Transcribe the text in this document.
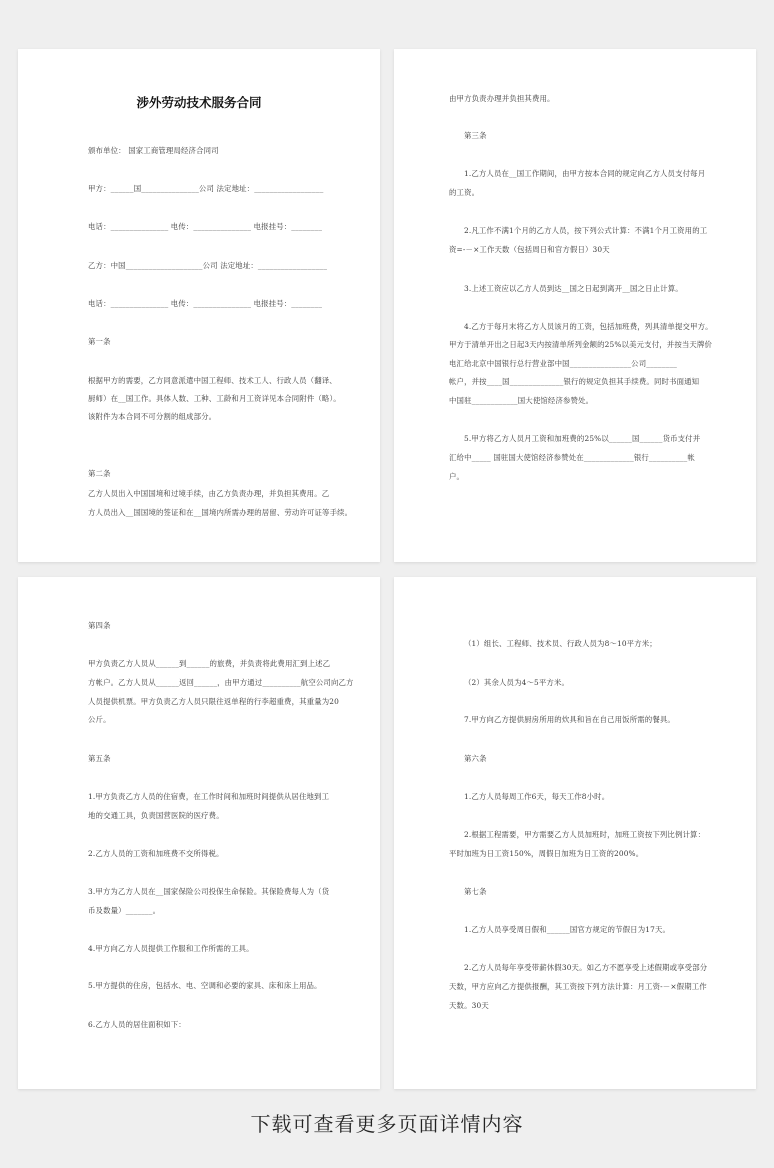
涉外劳动技术服务合同
颁布单位： 国家工商管理局经济合同司
甲方：______国_______________公司 法定地址：__________________
电话：_______________ 电传：_______________ 电报挂号：________
乙方：中国____________________公司 法定地址：__________________
电话：_______________ 电传：_______________ 电报挂号：________
第一条
根据甲方的需要，乙方同意派遣中国工程师、技术工人、行政人员（翻译、
厨师）在__国工作。具体人数、工种、工龄和月工资详见本合同附件（略）。
该附件为本合同不可分割的组成部分。
第二条
乙方人员出入中国国境和过境手续，由乙方负责办理，并负担其费用。乙
方人员出入__国国境的签证和在__国境内所需办理的居留、劳动许可证等手续。
由甲方负责办理并负担其费用。
第三条
1.乙方人员在__国工作期间，由甲方按本合同的规定向乙方人员支付每月
的工资。
2.凡工作不满1个月的乙方人员，按下列公式计算：不满1个月工资用的工
资=-－×工作天数（包括周日和官方假日）30天
3.上述工资应以乙方人员到达__国之日起到离开__国之日止计算。
4.乙方于每月末将乙方人员该月的工资，包括加班费，列具清单提交甲方。
甲方于清单开出之日起3天内按清单所列金额的25%以美元支付，并按当天牌价
电汇给北京中国银行总行营业部中国________________公司________
帐户，并按____国______________银行的规定负担其手续费。同时书面通知
中国驻____________国大使馆经济参赞处。
5.甲方将乙方人员月工资和加班费的25%以______国______货币支付并
汇给中_____ 国驻国大使馆经济参赞处在_____________银行__________帐
户。
第四条
甲方负责乙方人员从______到______的旅费，并负责将此费用汇到上述乙
方帐户。乙方人员从______返回______，由甲方通过__________航空公司向乙方
人员提供机票。甲方负责乙方人员只限往返单程的行李超重费，其重量为20
公斤。
第五条
1.甲方负责乙方人员的住宿费，在工作时间和加班时间提供从居住地到工
地的交通工具，负责国营医院的医疗费。
2.乙方人员的工资和加班费不交所得税。
3.甲方为乙方人员在__国家保险公司投保生命保险。其保险费每人为（货
币及数量）_______。
4.甲方向乙方人员提供工作服和工作所需的工具。
5.甲方提供的住房，包括水、电、空调和必要的家具、床和床上用品。
6.乙方人员的居住面积如下：
（1）组长、工程师、技术员、行政人员为8～10平方米；
（2）其余人员为4～5平方米。
7.甲方向乙方提供厨房所用的炊具和旨在自己用饭所需的餐具。
第六条
1.乙方人员每周工作6天，每天工作8小时。
2.根据工程需要，甲方需要乙方人员加班时，加班工资按下列比例计算：
平时加班为日工资150%，周假日加班为日工资的200%。
第七条
1.乙方人员享受周日假和______国官方规定的节假日为17天。
2.乙方人员每年享受带薪休假30天。如乙方不愿享受上述假期或享受部分
天数，甲方应向乙方提供报酬，其工资按下列方法计算：月工资-－×假期工作
天数。30天
下载可查看更多页面详情内容
